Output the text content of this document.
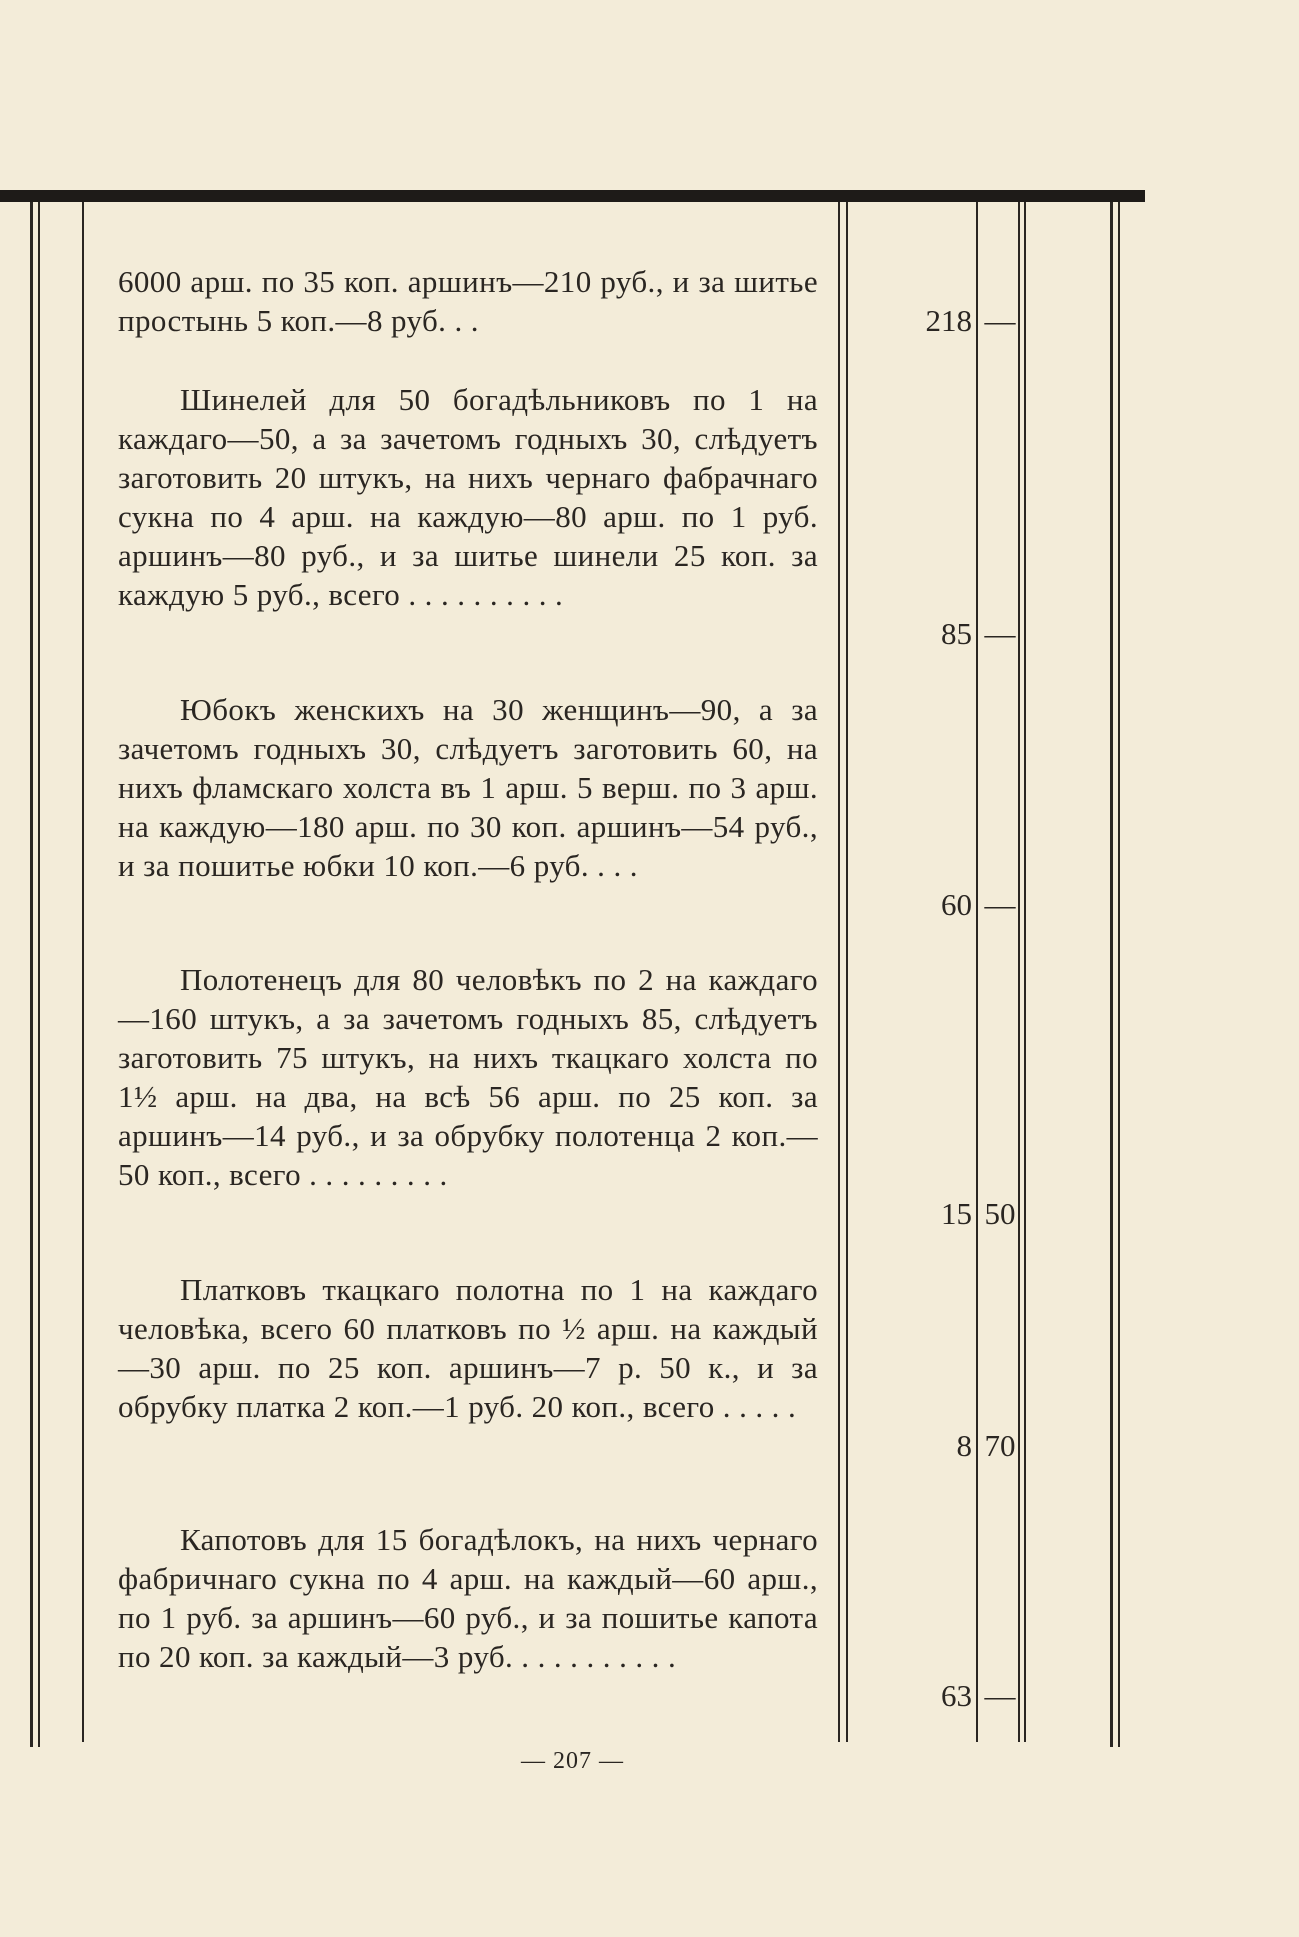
6000 арш. по 35 коп. аршинъ—210 руб., и за шитье простынь 5 коп.—8 руб. . .	218 —

Шинелей для 50 богадѣльниковъ по 1 на каждаго—50, а за зачетомъ годныхъ 30, слѣдуетъ заготовить 20 штукъ, на нихъ чернаго фабрачнаго сукна по 4 арш. на каждую—80 арш. по 1 руб. аршинъ—80 руб., и за шитье шинели 25 коп. за каждую 5 руб., всего . . . . . . . . . .

85 —

Юбокъ женскихъ на 30 женщинъ—90, а за зачетомъ годныхъ 30, слѣдуетъ заготовить 60, на нихъ фламскаго холста въ 1 арш. 5 верш. по 3 арш. на каждую—180 арш. по 30 коп. аршинъ—54 руб., и за пошитье юбки 10 коп.—6 руб. . . .

60 —

Полотенецъ для 80 человѣкъ по 2 на каждаго—160 штукъ, а за зачетомъ годныхъ 85, слѣдуетъ заготовить 75 штукъ, на нихъ ткацкаго холста по 1½ арш. на два, на всѣ 56 арш. по 25 коп. за аршинъ—14 руб., и за обрубку полотенца 2 коп.—50 коп., всего . . . . . . . . .

15 50

Платковъ ткацкаго полотна по 1 на каждаго человѣка, всего 60 платковъ по ½ арш. на каждый—30 арш. по 25 коп. аршинъ—7 р. 50 к., и за обрубку платка 2 коп.—1 руб. 20 коп., всего . . . . .

8 70

Капотовъ для 15 богадѣлокъ, на нихъ чернаго фабричнаго сукна по 4 арш. на каждый—60 арш., по 1 руб. за аршинъ—60 руб., и за пошитье капота по 20 коп. за каждый—3 руб. . . . . . . . . . .

63 —
— 207 —
